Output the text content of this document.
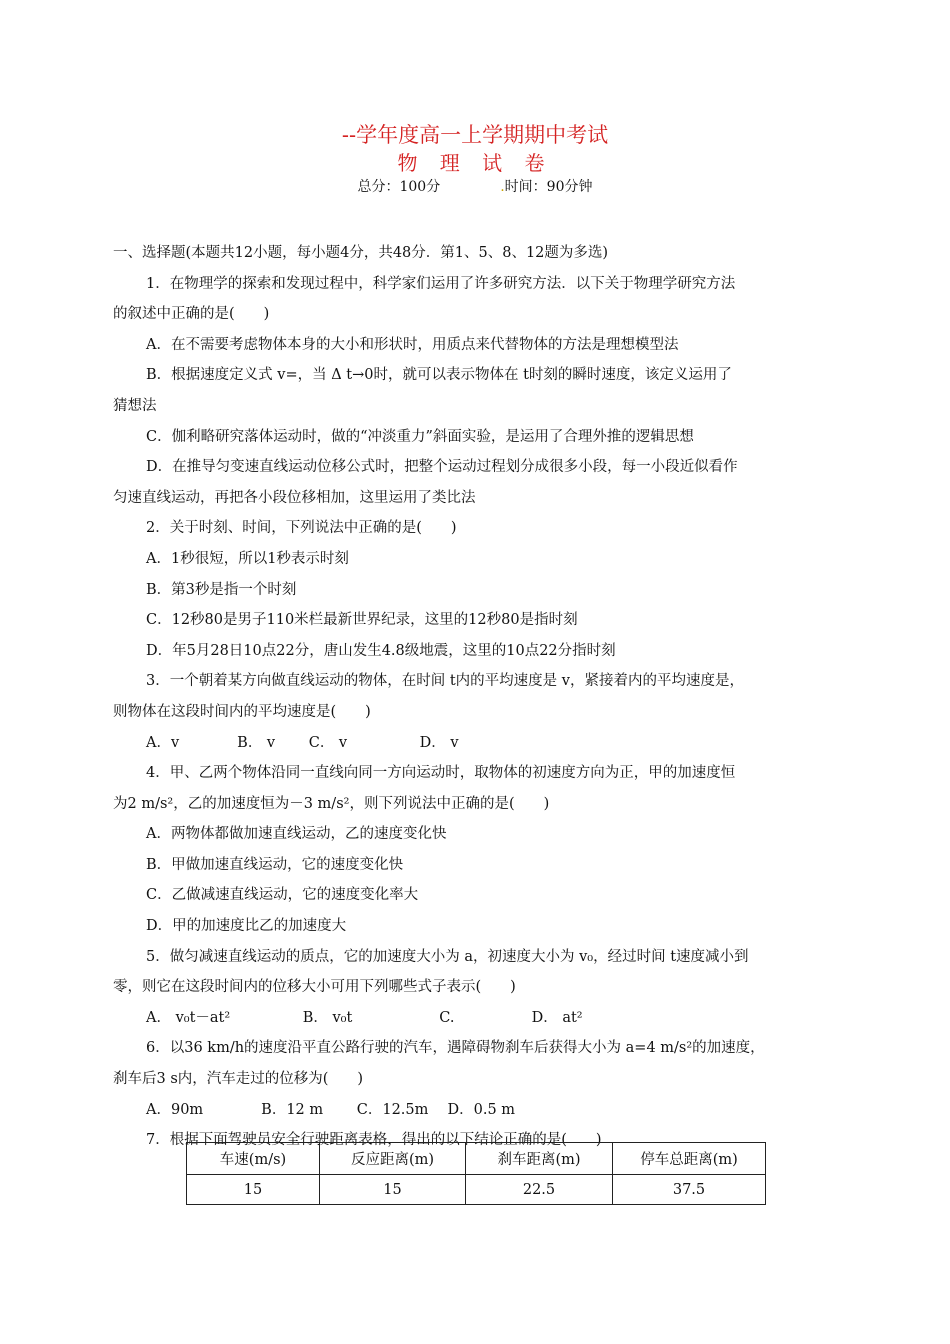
--学年度高一上学期期中考试
物 理 试 卷
总分：100分	.时间：90分钟
一、选择题(本题共12小题，每小题4分，共48分．第1、5、8、12题为多选)
1．在物理学的探索和发现过程中，科学家们运用了许多研究方法．以下关于物理学研究方法
的叙述中正确的是(　　)
A．在不需要考虑物体本身的大小和形状时，用质点来代替物体的方法是理想模型法
B．根据速度定义式 v=，当 Δ t→0时，就可以表示物体在 t时刻的瞬时速度，该定义运用了
猜想法
C．伽利略研究落体运动时，做的“冲淡重力”斜面实验，是运用了合理外推的逻辑思想
D．在推导匀变速直线运动位移公式时，把整个运动过程划分成很多小段，每一小段近似看作
匀速直线运动，再把各小段位移相加，这里运用了类比法
2．关于时刻、时间，下列说法中正确的是(　　)
A．1秒很短，所以1秒表示时刻
B．第3秒是指一个时刻
C．12秒80是男子110米栏最新世界纪录，这里的12秒80是指时刻
D．年5月28日10点22分，唐山发生4.8级地震，这里的10点22分指时刻
3．一个朝着某方向做直线运动的物体，在时间 t内的平均速度是 v，紧接着内的平均速度是，
则物体在这段时间内的平均速度是(　　)
A．v　　　　B． v　　 C． v　　　　　D． v
4．甲、乙两个物体沿同一直线向同一方向运动时，取物体的初速度方向为正，甲的加速度恒
为2 m/s²，乙的加速度恒为－3 m/s²，则下列说法中正确的是(　　)
A．两物体都做加速直线运动，乙的速度变化快
B．甲做加速直线运动，它的速度变化快
C．乙做减速直线运动，它的速度变化率大
D．甲的加速度比乙的加速度大
5．做匀减速直线运动的质点，它的加速度大小为 a，初速度大小为 v₀，经过时间 t速度减小到
零，则它在这段时间内的位移大小可用下列哪些式子表示(　　)
A． v₀t－at²　　　　　B． v₀t　　　　　　C.　　　　　 D． at²
6．以36 km/h的速度沿平直公路行驶的汽车，遇障碍物刹车后获得大小为 a=4 m/s²的加速度，
刹车后3 s内，汽车走过的位移为(　　)
A．90m　　　　B．12 m　　 C．12.5m　 D．0.5 m
7．根据下面驾驶员安全行驶距离表格，得出的以下结论正确的是(　　)
车速(m/s)	反应距离(m)	刹车距离(m)	停车总距离(m)
15	15	22.5	37.5
